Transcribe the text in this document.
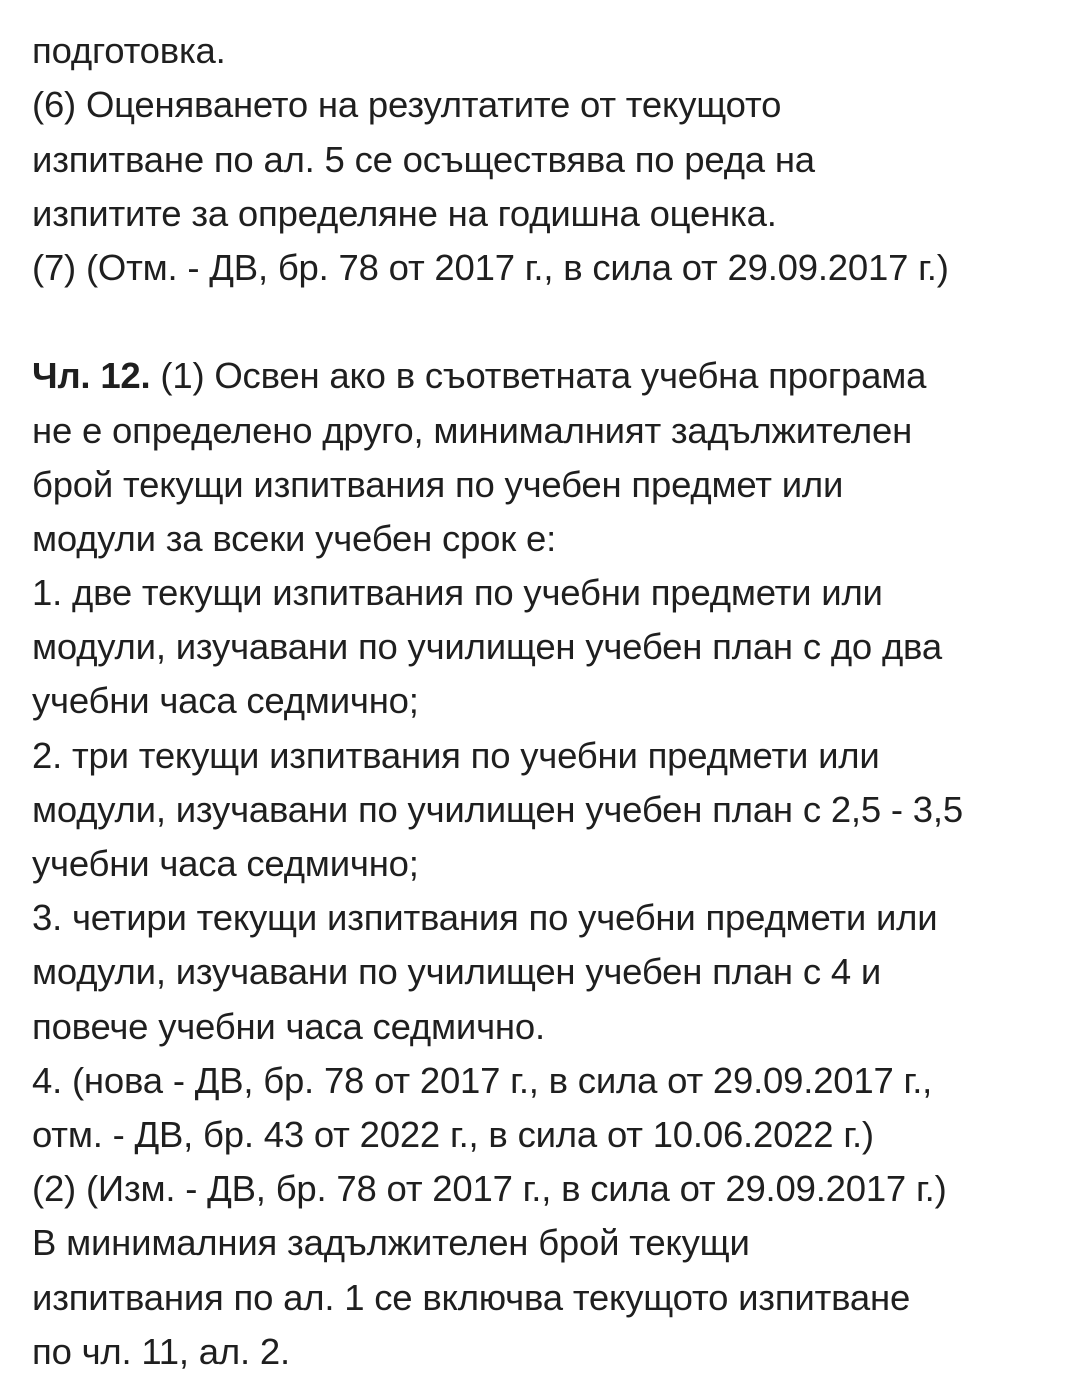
подготовка.
(6) Оценяването на резултатите от текущото
изпитване по ал. 5 се осъществява по реда на
изпитите за определяне на годишна оценка.
(7) (Отм. - ДВ, бр. 78 от 2017 г., в сила от 29.09.2017 г.)
Чл. 12. (1) Освен ако в съответната учебна програма
не е определено друго, минималният задължителен
брой текущи изпитвания по учебен предмет или
модули за всеки учебен срок е:
1. две текущи изпитвания по учебни предмети или
модули, изучавани по училищен учебен план с до два
учебни часа седмично;
2. три текущи изпитвания по учебни предмети или
модули, изучавани по училищен учебен план с 2,5 - 3,5
учебни часа седмично;
3. четири текущи изпитвания по учебни предмети или
модули, изучавани по училищен учебен план с 4 и
повече учебни часа седмично.
4. (нова - ДВ, бр. 78 от 2017 г., в сила от 29.09.2017 г.,
отм. - ДВ, бр. 43 от 2022 г., в сила от 10.06.2022 г.)
(2) (Изм. - ДВ, бр. 78 от 2017 г., в сила от 29.09.2017 г.)
В минималния задължителен брой текущи
изпитвания по ал. 1 се включва текущото изпитване
по чл. 11, ал. 2.
